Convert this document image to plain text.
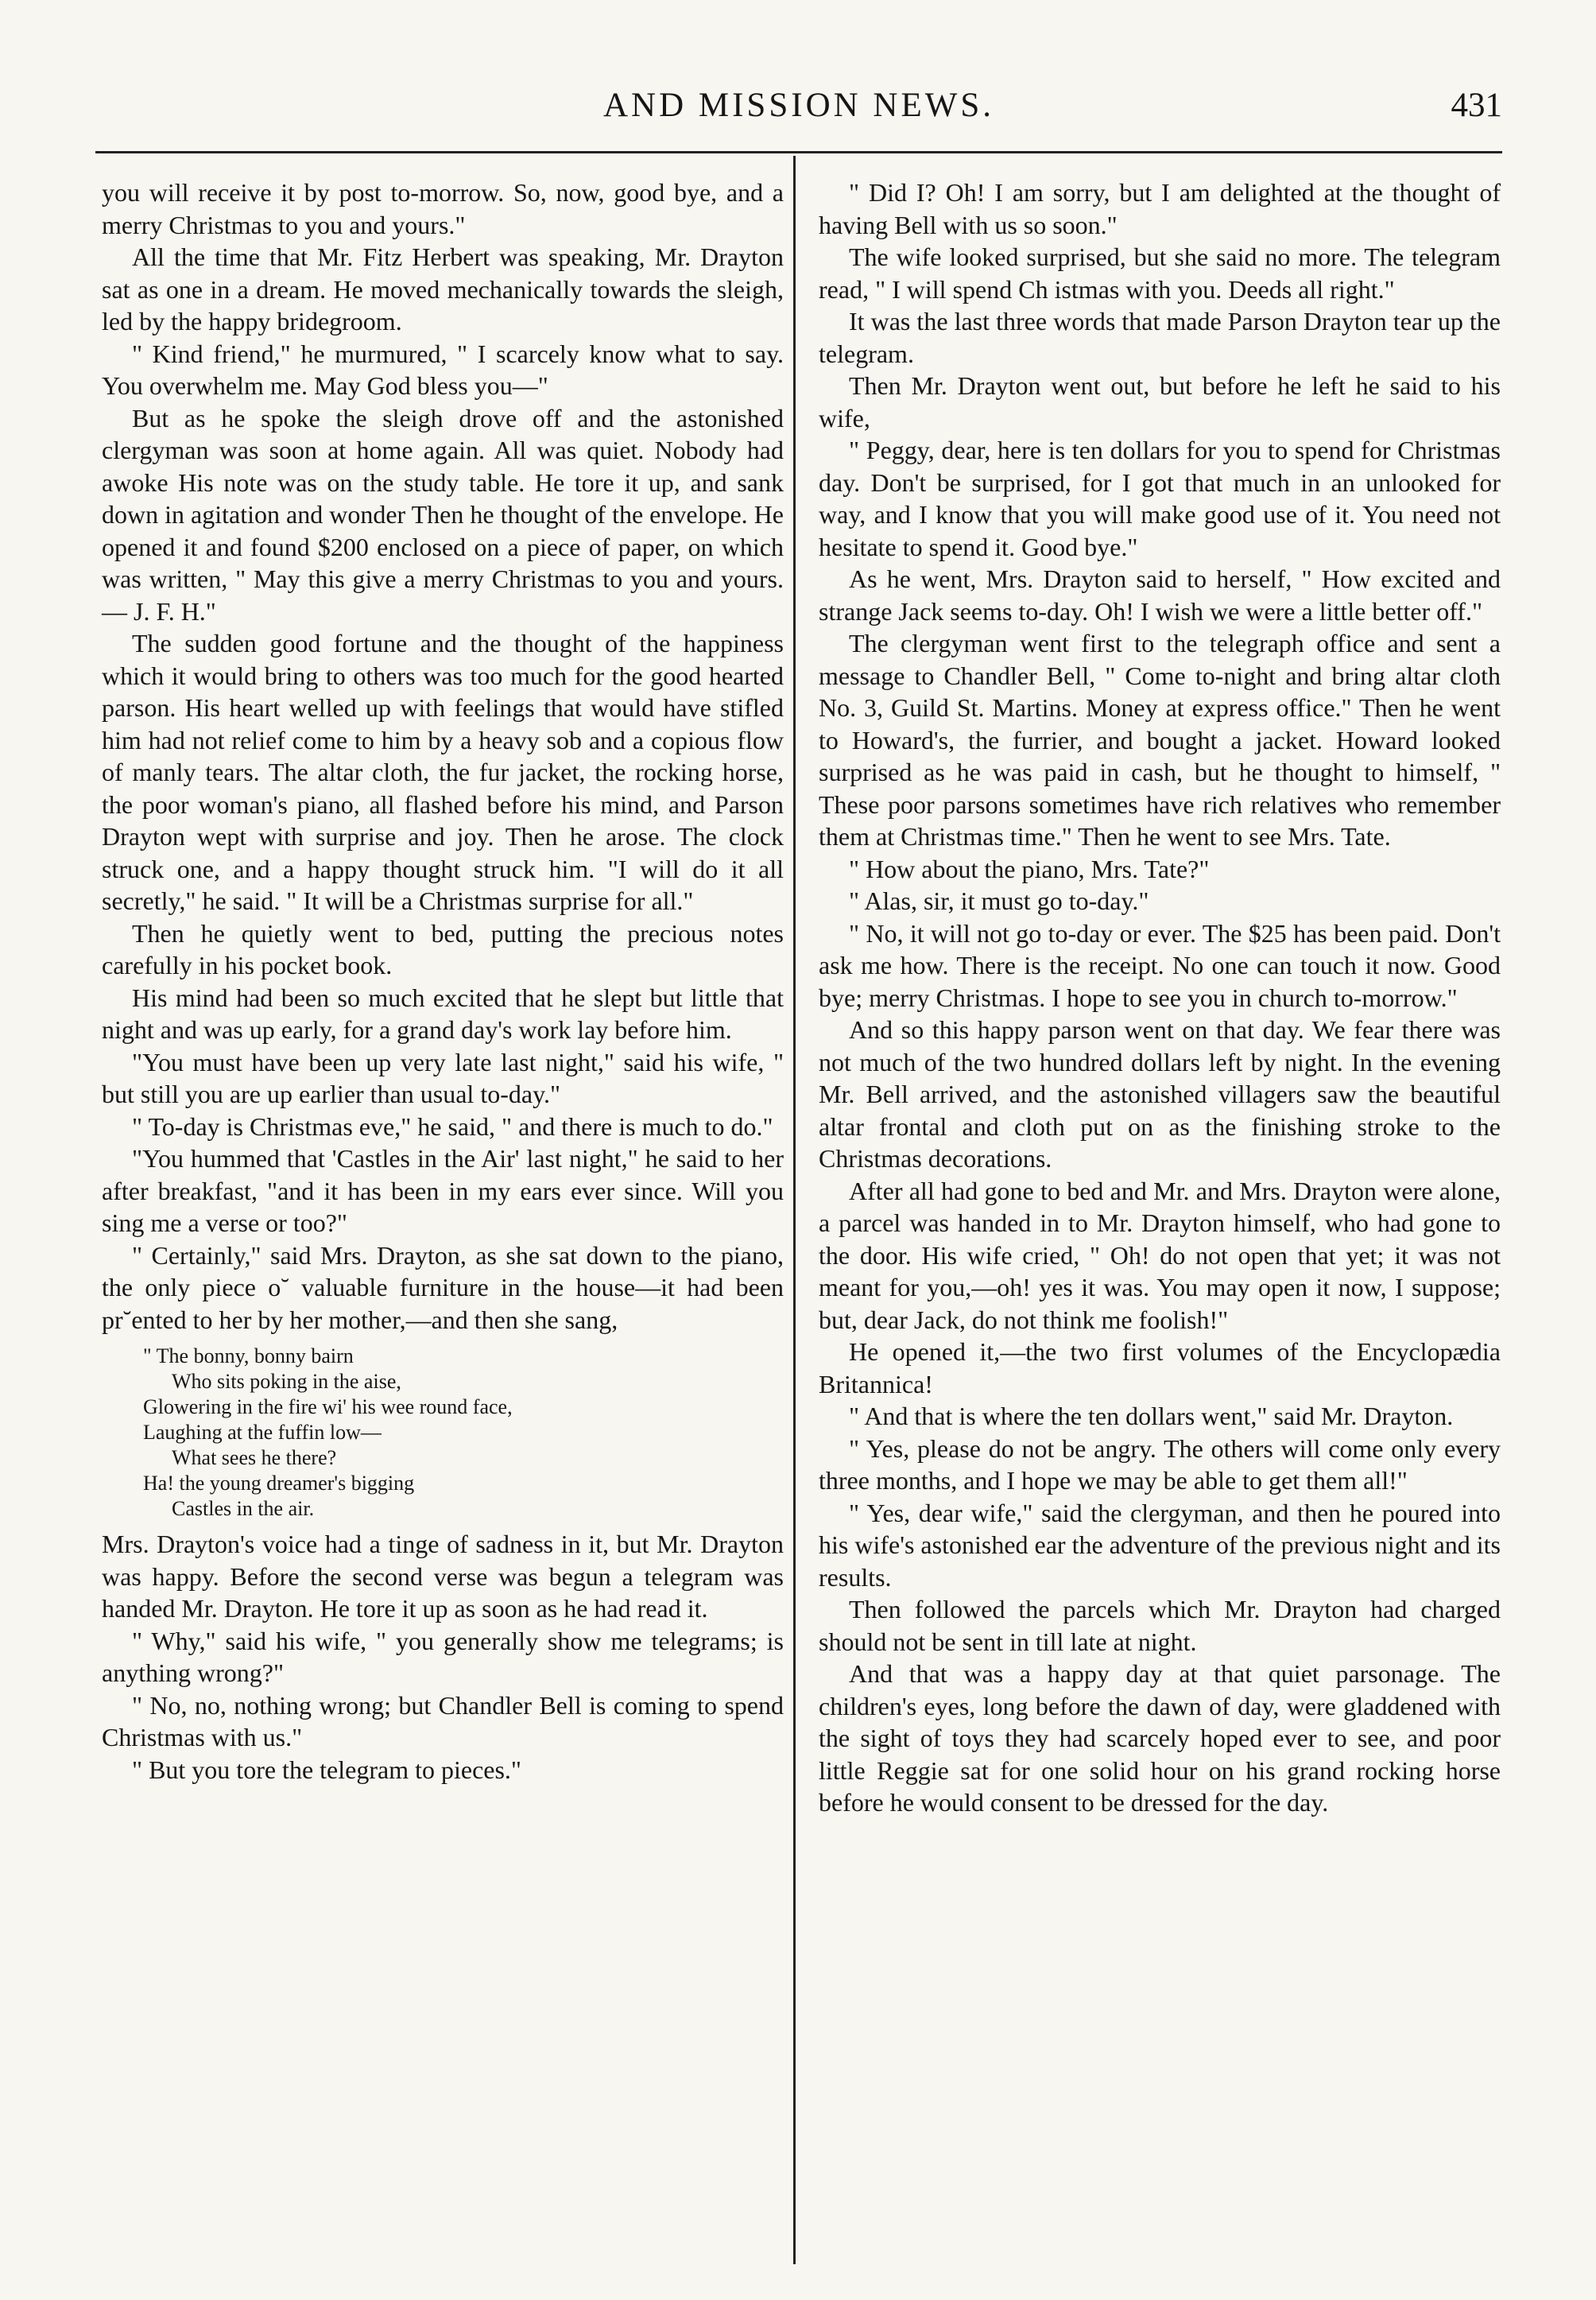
AND MISSION NEWS.	431

you will receive it by post to-morrow. So, now, good bye, and a merry Christmas to you and yours."

All the time that Mr. Fitz Herbert was speaking, Mr. Drayton sat as one in a dream. He moved mechanically towards the sleigh, led by the happy bridegroom.

" Kind friend," he murmured, " I scarcely know what to say. You overwhelm me. May God bless you—"

But as he spoke the sleigh drove off and the astonished clergyman was soon at home again. All was quiet. Nobody had awoke His note was on the study table. He tore it up, and sank down in agitation and wonder Then he thought of the envelope. He opened it and found $200 enclosed on a piece of paper, on which was written, " May this give a merry Christmas to you and yours.— J. F. H."

The sudden good fortune and the thought of the happiness which it would bring to others was too much for the good hearted parson. His heart welled up with feelings that would have stifled him had not relief come to him by a heavy sob and a copious flow of manly tears. The altar cloth, the fur jacket, the rocking horse, the poor woman's piano, all flashed before his mind, and Parson Drayton wept with surprise and joy. Then he arose. The clock struck one, and a happy thought struck him. "I will do it all secretly," he said. " It will be a Christmas surprise for all."

Then he quietly went to bed, putting the precious notes carefully in his pocket book.

His mind had been so much excited that he slept but little that night and was up early, for a grand day's work lay before him.

"You must have been up very late last night," said his wife, " but still you are up earlier than usual to-day."

" To-day is Christmas eve," he said, " and there is much to do."

"You hummed that 'Castles in the Air' last night," he said to her after breakfast, "and it has been in my ears ever since. Will you sing me a verse or too?"

" Certainly," said Mrs. Drayton, as she sat down to the piano, the only piece o˘ valuable furniture in the house—it had been pr˘ented to her by her mother,—and then she sang,

" The bonny, bonny bairn
Who sits poking in the aise,
Glowering in the fire wi' his wee round face,
Laughing at the fuffin low—
What sees he there?
Ha! the young dreamer's bigging
Castles in the air.

Mrs. Drayton's voice had a tinge of sadness in it, but Mr. Drayton was happy. Before the second verse was begun a telegram was handed Mr. Drayton. He tore it up as soon as he had read it.

" Why," said his wife, " you generally show me telegrams; is anything wrong?"

" No, no, nothing wrong; but Chandler Bell is coming to spend Christmas with us."

" But you tore the telegram to pieces."

" Did I? Oh! I am sorry, but I am delighted at the thought of having Bell with us so soon."

The wife looked surprised, but she said no more. The telegram read, " I will spend Ch istmas with you. Deeds all right."

It was the last three words that made Parson Drayton tear up the telegram.

Then Mr. Drayton went out, but before he left he said to his wife,

" Peggy, dear, here is ten dollars for you to spend for Christmas day. Don't be surprised, for I got that much in an unlooked for way, and I know that you will make good use of it. You need not hesitate to spend it. Good bye."

As he went, Mrs. Drayton said to herself, " How excited and strange Jack seems to-day. Oh! I wish we were a little better off."

The clergyman went first to the telegraph office and sent a message to Chandler Bell, " Come to-night and bring altar cloth No. 3, Guild St. Martins. Money at express office." Then he went to Howard's, the furrier, and bought a jacket. Howard looked surprised as he was paid in cash, but he thought to himself, " These poor parsons sometimes have rich relatives who remember them at Christmas time." Then he went to see Mrs. Tate.

" How about the piano, Mrs. Tate?"

" Alas, sir, it must go to-day."

" No, it will not go to-day or ever. The $25 has been paid. Don't ask me how. There is the receipt. No one can touch it now. Good bye; merry Christmas. I hope to see you in church to-morrow."

And so this happy parson went on that day. We fear there was not much of the two hundred dollars left by night. In the evening Mr. Bell arrived, and the astonished villagers saw the beautiful altar frontal and cloth put on as the finishing stroke to the Christmas decorations.

After all had gone to bed and Mr. and Mrs. Drayton were alone, a parcel was handed in to Mr. Drayton himself, who had gone to the door. His wife cried, " Oh! do not open that yet; it was not meant for you,—oh! yes it was. You may open it now, I suppose; but, dear Jack, do not think me foolish!"

He opened it,—the two first volumes of the Encyclopædia Britannica!

" And that is where the ten dollars went," said Mr. Drayton.

" Yes, please do not be angry. The others will come only every three months, and I hope we may be able to get them all!"

" Yes, dear wife," said the clergyman, and then he poured into his wife's astonished ear the adventure of the previous night and its results.

Then followed the parcels which Mr. Drayton had charged should not be sent in till late at night.

And that was a happy day at that quiet parsonage. The children's eyes, long before the dawn of day, were gladdened with the sight of toys they had scarcely hoped ever to see, and poor little Reggie sat for one solid hour on his grand rocking horse before he would consent to be dressed for the day.
